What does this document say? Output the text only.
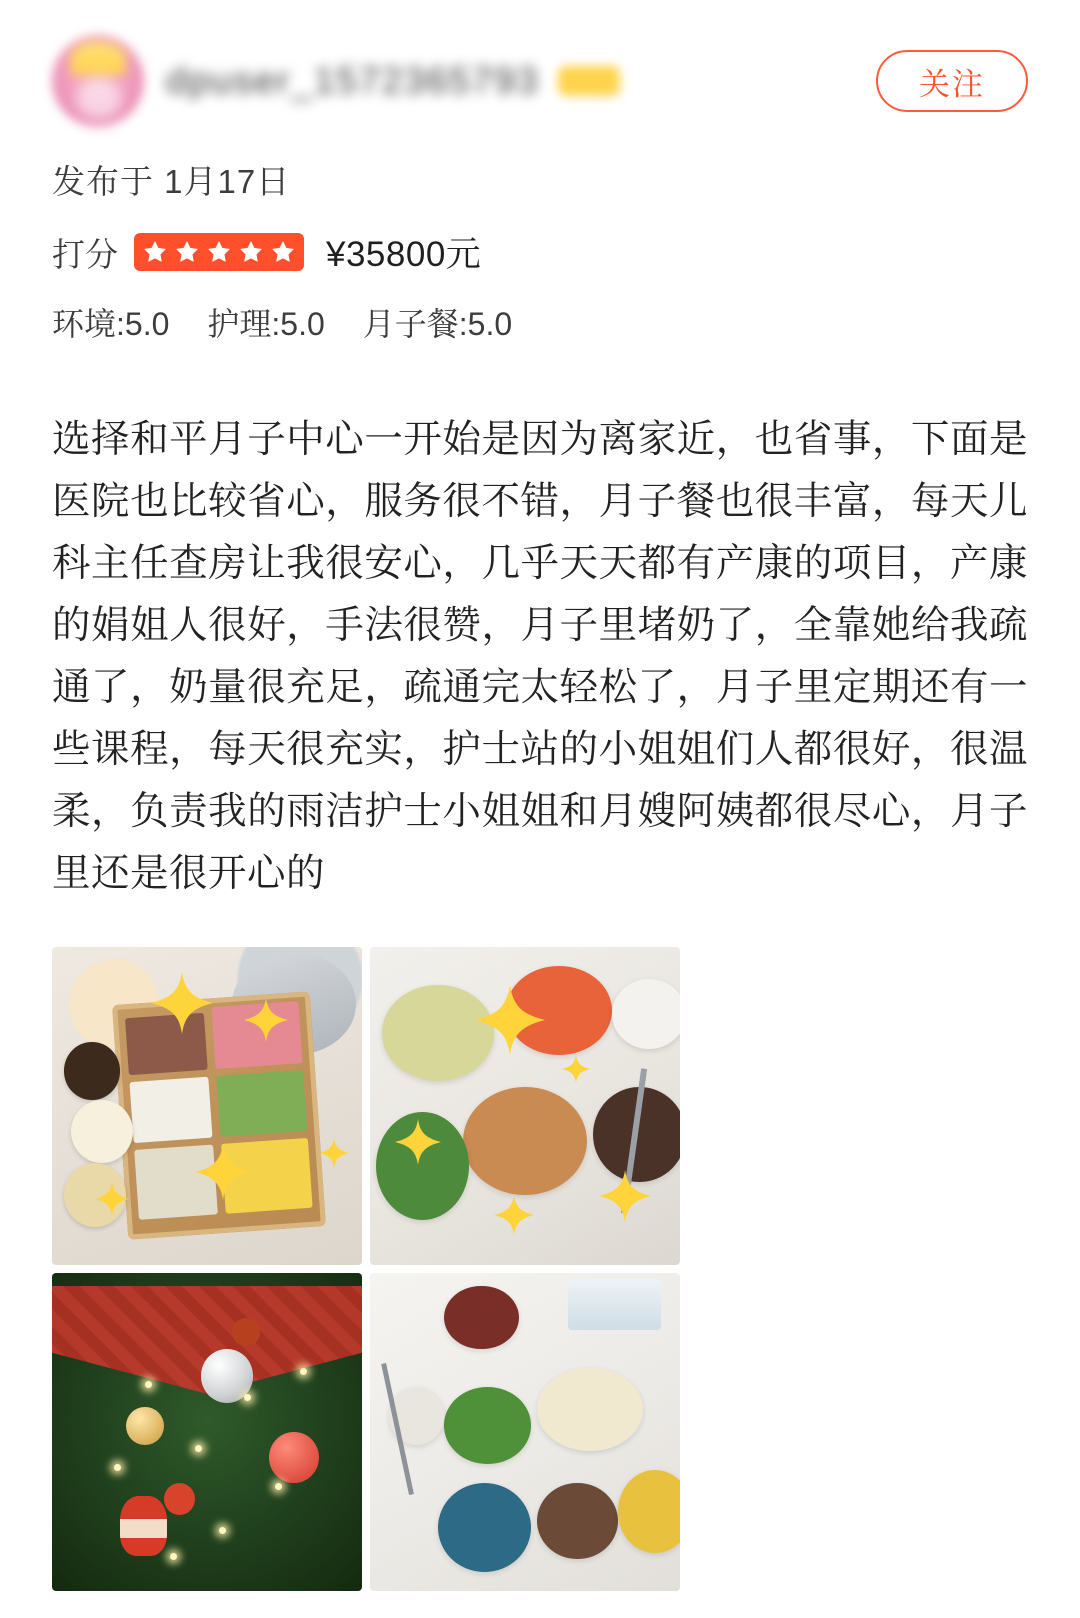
dpuser_1572365793	关注
发布于 1月17日
打分	¥35800元
环境:5.0 护理:5.0 月子餐:5.0
选择和平月子中心一开始是因为离家近，也省事，下面是医院也比较省心，服务很不错，月子餐也很丰富，每天儿科主任查房让我很安心，几乎天天都有产康的项目，产康的娟姐人很好，手法很赞，月子里堵奶了，全靠她给我疏通了，奶量很充足，疏通完太轻松了，月子里定期还有一些课程，每天很充实，护士站的小姐姐们人都很好，很温柔，负责我的雨洁护士小姐姐和月嫂阿姨都很尽心，月子里还是很开心的
